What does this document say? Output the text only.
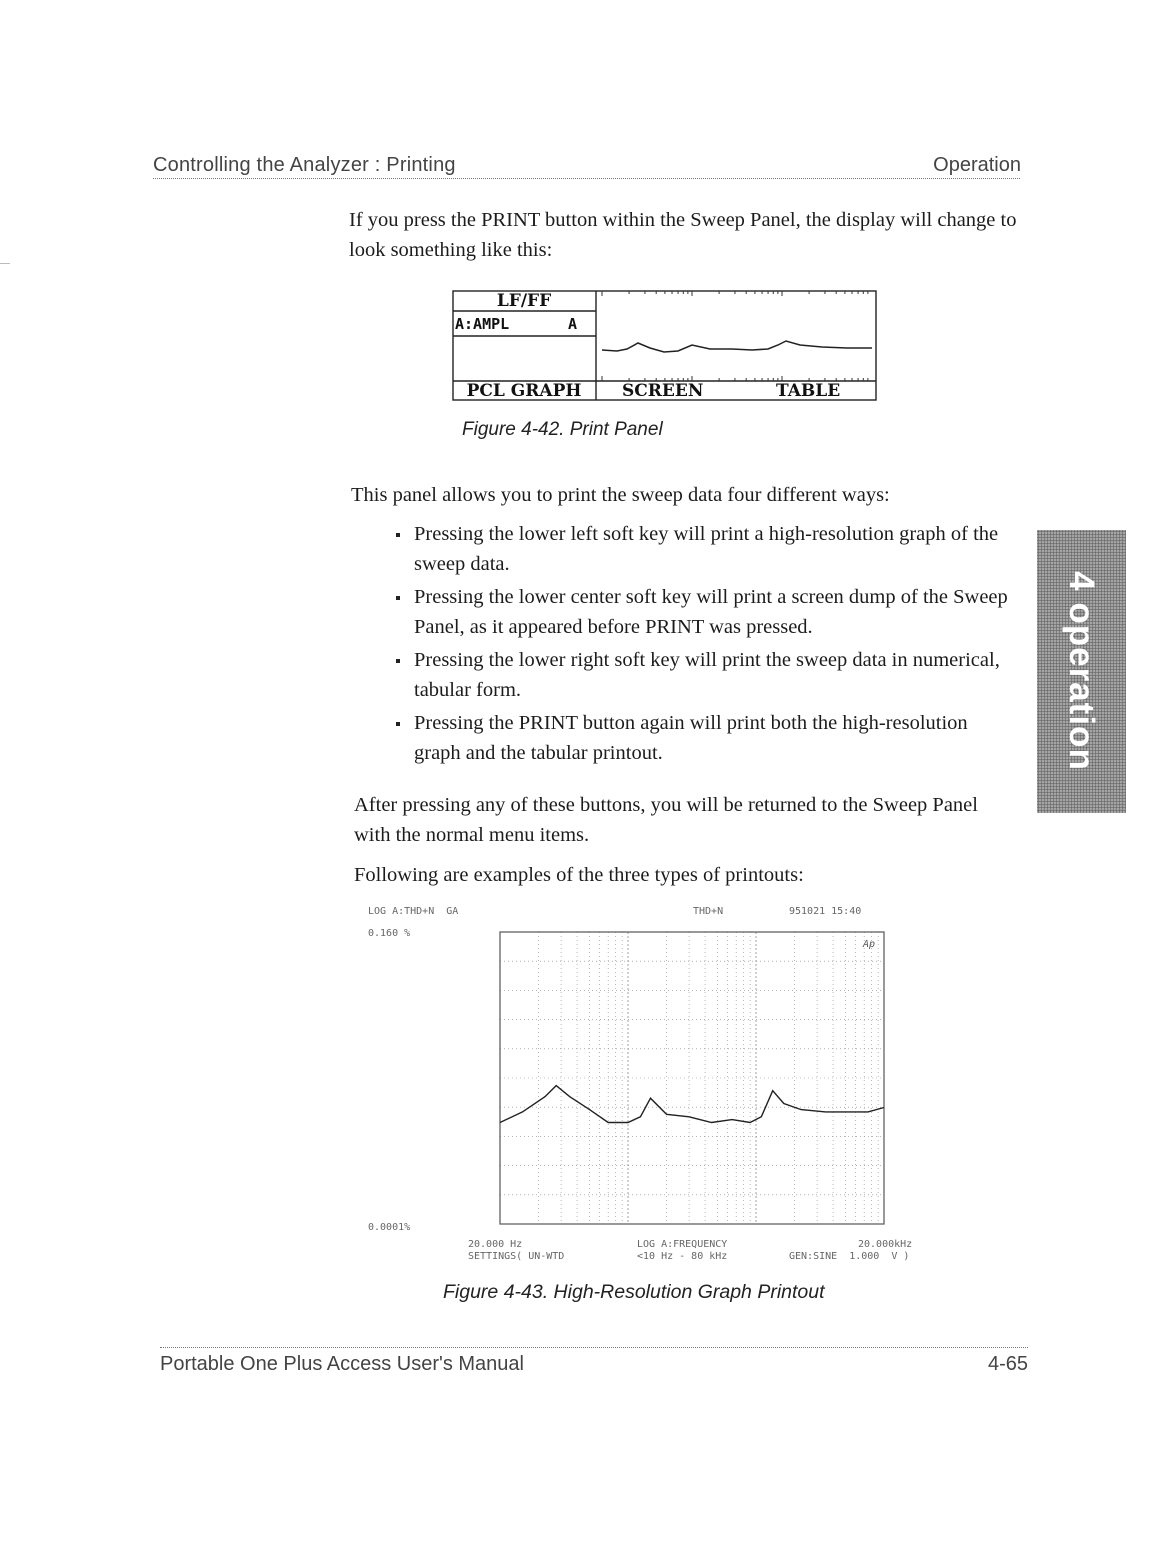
Controlling the Analyzer : Printing	Operation
If you press the PRINT button within the Sweep Panel, the display will change to look something like this:
LF/FF
A:AMPL	A
PCL GRAPH	SCREEN	TABLE
Figure 4-42. Print Panel
This panel allows you to print the sweep data four different ways:
Pressing the lower left soft key will print a high-resolution graph of the sweep data.
Pressing the lower center soft key will print a screen dump of the Sweep Panel, as it appeared before PRINT was pressed.
Pressing the lower right soft key will print the sweep data in numerical, tabular form.
Pressing the PRINT button again will print both the high-resolution graph and the tabular printout.
After pressing any of these buttons, you will be returned to the Sweep Panel with the normal menu items.
Following are examples of the three types of printouts:
4 operation
LOG A:THD+N  GA	THD+N	951021 15:40
0.160 %
0.0001%
Ap
20.000 Hz	LOG A:FREQUENCY	20.000kHz
SETTINGS( UN-WTD	<10 Hz - 80 kHz	GEN:SINE  1.000  V )
Figure 4-43. High-Resolution Graph Printout
Portable One Plus Access User's Manual	4-65
